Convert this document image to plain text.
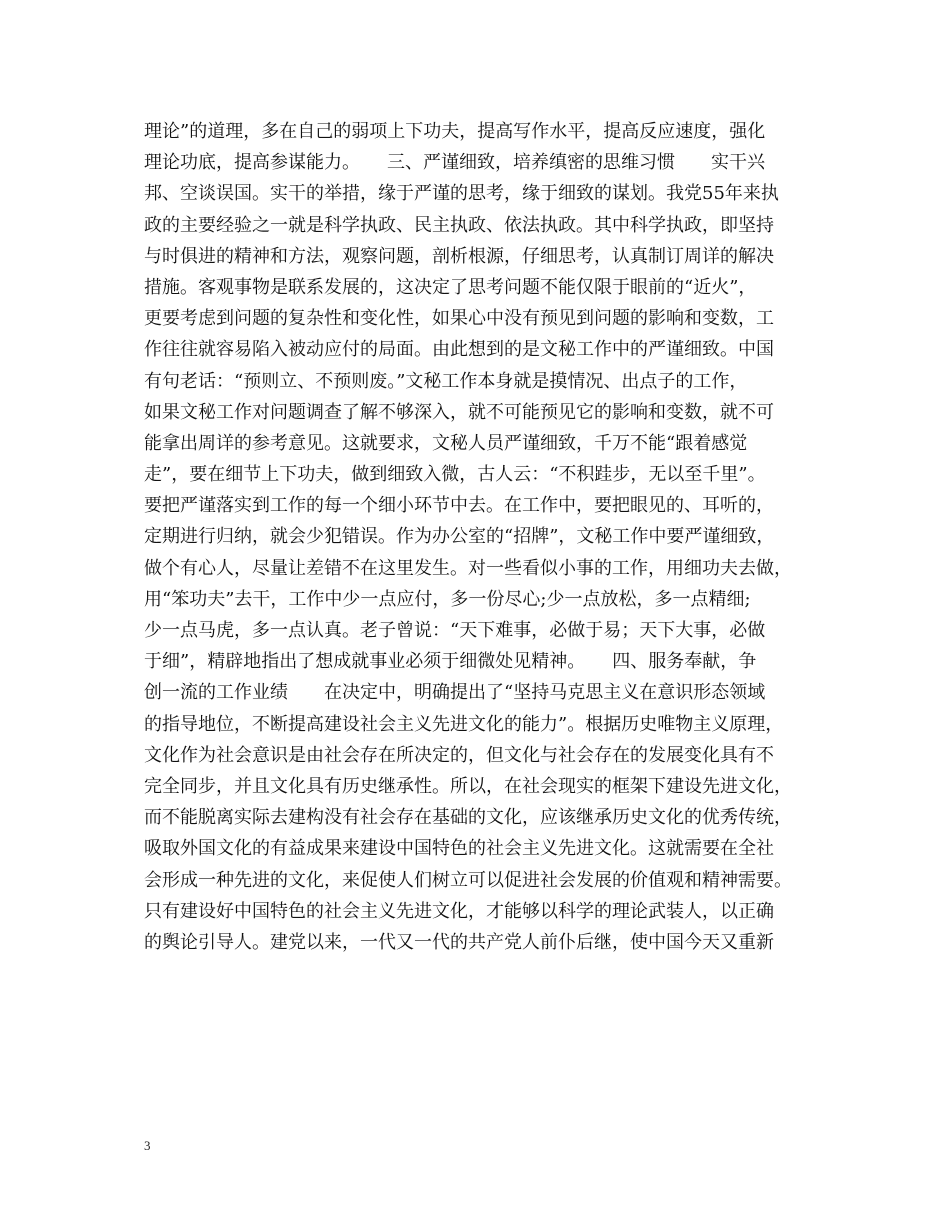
理论”的道理，多在自己的弱项上下功夫，提高写作水平，提高反应速度，强化
理论功底，提高参谋能力。　　三、严谨细致，培养缜密的思维习惯　　实干兴
邦、空谈误国。实干的举措，缘于严谨的思考，缘于细致的谋划。我党55年来执
政的主要经验之一就是科学执政、民主执政、依法执政。其中科学执政，即坚持
与时俱进的精神和方法，观察问题，剖析根源，仔细思考，认真制订周详的解决
措施。客观事物是联系发展的，这决定了思考问题不能仅限于眼前的“近火”，
更要考虑到问题的复杂性和变化性，如果心中没有预见到问题的影响和变数，工
作往往就容易陷入被动应付的局面。由此想到的是文秘工作中的严谨细致。中国
有句老话：“预则立、不预则废。”文秘工作本身就是摸情况、出点子的工作，
如果文秘工作对问题调查了解不够深入，就不可能预见它的影响和变数，就不可
能拿出周详的参考意见。这就要求，文秘人员严谨细致，千万不能“跟着感觉
走”，要在细节上下功夫，做到细致入微，古人云：“不积跬步，无以至千里”。
要把严谨落实到工作的每一个细小环节中去。在工作中，要把眼见的、耳听的，
定期进行归纳，就会少犯错误。作为办公室的“招牌”，文秘工作中要严谨细致，
做个有心人，尽量让差错不在这里发生。对一些看似小事的工作，用细功夫去做，
用“笨功夫”去干，工作中少一点应付，多一份尽心;少一点放松，多一点精细;
少一点马虎，多一点认真。老子曾说：“天下难事，必做于易；天下大事，必做
于细”，精辟地指出了想成就事业必须于细微处见精神。　　四、服务奉献，争
创一流的工作业绩　　在决定中，明确提出了“坚持马克思主义在意识形态领域
的指导地位，不断提高建设社会主义先进文化的能力”。根据历史唯物主义原理，
文化作为社会意识是由社会存在所决定的，但文化与社会存在的发展变化具有不
完全同步，并且文化具有历史继承性。所以，在社会现实的框架下建设先进文化，
而不能脱离实际去建构没有社会存在基础的文化，应该继承历史文化的优秀传统，
吸取外国文化的有益成果来建设中国特色的社会主义先进文化。这就需要在全社
会形成一种先进的文化，来促使人们树立可以促进社会发展的价值观和精神需要。
只有建设好中国特色的社会主义先进文化，才能够以科学的理论武装人，以正确
的舆论引导人。建党以来，一代又一代的共产党人前仆后继，使中国今天又重新
3
